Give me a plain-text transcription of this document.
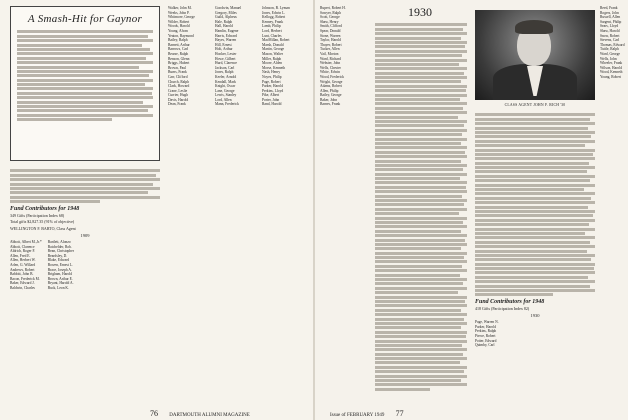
A Smash-Hit for Gaynor
Fund Contributors for 1948
349 Gifts (Participation Index 68)
Total gifts $2,827.35 (91% of objective)
WELLINGTON F. BARTO, Class Agent
1909
Abbott, Albert M.,Jr.*
Abbott, Clarence
Aldrich, Roger F.
Allen, Fred E.
Allen, Herbert W.
Arlen, G. Willard
Andrews, Robert
Babbitt, John B.
Bacon, Frederick M.
Baker, Edward J.
Baldwin, Charles
Bartlett, Alonzo
Batchelder, Rob.
Bean, Christopher
Beardsley, D.
Blake, Edward
Bowen, Ernest L.
Brace, Joseph A.
Brigham, Harold
Brown, Arthur E.
Bryant, Harold A.
Buck, Leon K.
Walker, John M.
Weeks, John P.
Whitmore, George
Wilder, Robert
Woods, Harold
Young, Alvan
Yeaton, Raymond
Bailey, Ralph
Barnett, Arthur
Barrows, Carl
Bearse, Ralph
Benson, Glenn
Briggs, Hubert
Brown, Paul
Burns, Frank
Carr, Clifford
Church, Ralph
Clark, Howard
Crane, Leslie
Currier, Hugh
Davis, Harold
Dean, Frank
Goodwin, Manuel
Gregory, Miles
Guild, Alpheus
Hale, Ralph
Hall, Harold
Hamlin, Eugene
Harris, Edward
Hayes, Warren
Hill, Ernest
Holt, Arthur
Hooker, Lester
Howe, Gilbert
Hurd, Clarence
Jackson, Carl
Jones, Ralph
Keeler, Arnold
Kendall, Mark
Knight, Oscar
Lane, George
Lewis, Stanley
Lord, Allen
Mann, Frederick
Johnson, B. Lyman
Jones, Edwin L.
Kellogg, Robert
Kenney, Frank
Lamb, Philip
Lord, Herbert
Lunt, Charles
MacMillan, Robert
Marsh, Donald
Martin, George
Mason, Walter
Miller, Ralph
Moore, Alden
Morse, Kenneth
Nash, Henry
Noyes, Philip
Page, Robert
Parker, Harold
Perkins, Lloyd
Pike, Albert
Porter, John
Rand, Harold
Rupert, Robert H.
Sawyer, Ralph
Scott, George
Shaw, Henry
Smith, Clifford
Spear, Donald
Stone, Warren
Taylor, Harold
Thayer, Robert
Tucker, Allen
Vail, Morton
Ward, Richard
Webster, John
Wells, Chester
White, Edwin
Wood, Frederick
Wright, George
Adams, Robert
Allen, Philip
Bailey, George
Baker, John
Barnes, Frank
1930
CLASS AGENT JOHN F. RICH '30
Fund Contributors for 1948
418 Gifts (Participation Index 82)
1930
Page, Warren N.
Parker, Harold
Perkins, Ralph
Pierce, Robert
Potter, Edward
Quimby, Carl
Reed, Frank
Rogers, John
Russell, Allen
Sargent, Philip
Sears, Lloyd
Shaw, Harold
Snow, Robert
Stevens, Carl
Thomas, Edward
Tuttle, Ralph
Ward, George
Wells, John
Wheeler, Frank
Wilson, Harold
Wood, Kenneth
Young, Robert
76 DARTMOUTH ALUMNI MAGAZINE	Issue of FEBRUARY 1949 77
